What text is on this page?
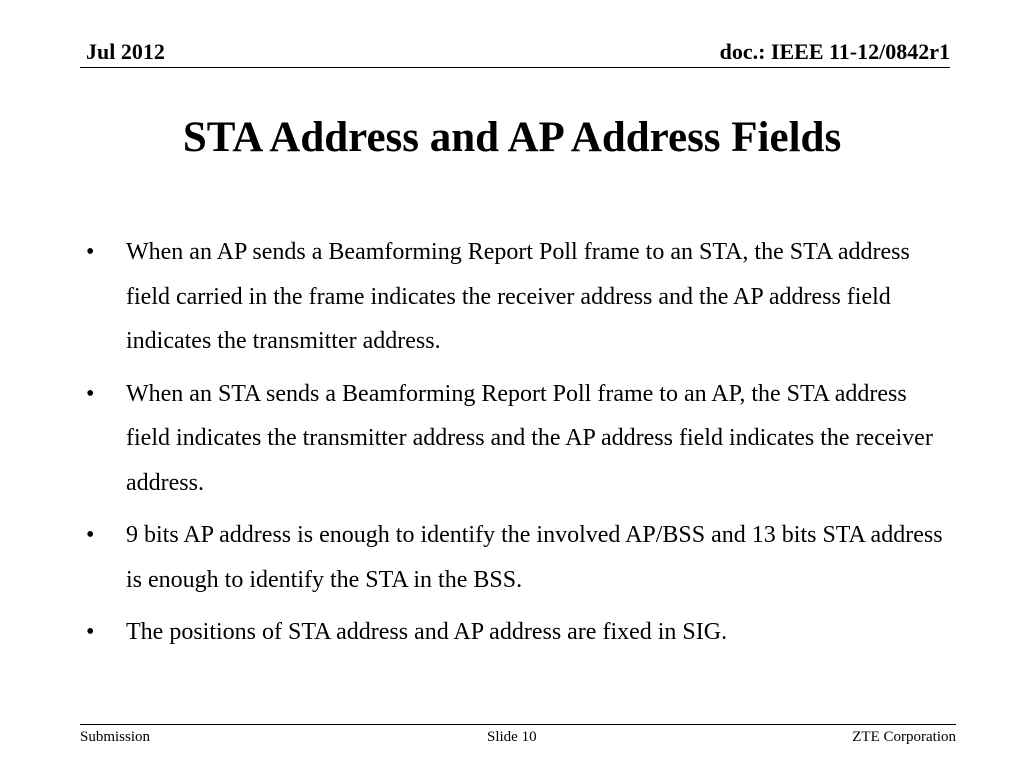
Jul 2012	doc.: IEEE 11-12/0842r1
STA Address and AP Address Fields
• When an AP sends a Beamforming Report Poll frame to an STA, the STA address field carried in the frame indicates the receiver address and the AP address field indicates the transmitter address.
• When an STA sends a Beamforming Report Poll frame to an AP, the STA address field indicates the transmitter address and the AP address field indicates the receiver address.
• 9 bits AP address is enough to identify the involved AP/BSS and 13 bits STA address is enough to identify the STA in the BSS.
• The positions of STA address and AP address are fixed in SIG.
Submission	Slide 10	ZTE Corporation
